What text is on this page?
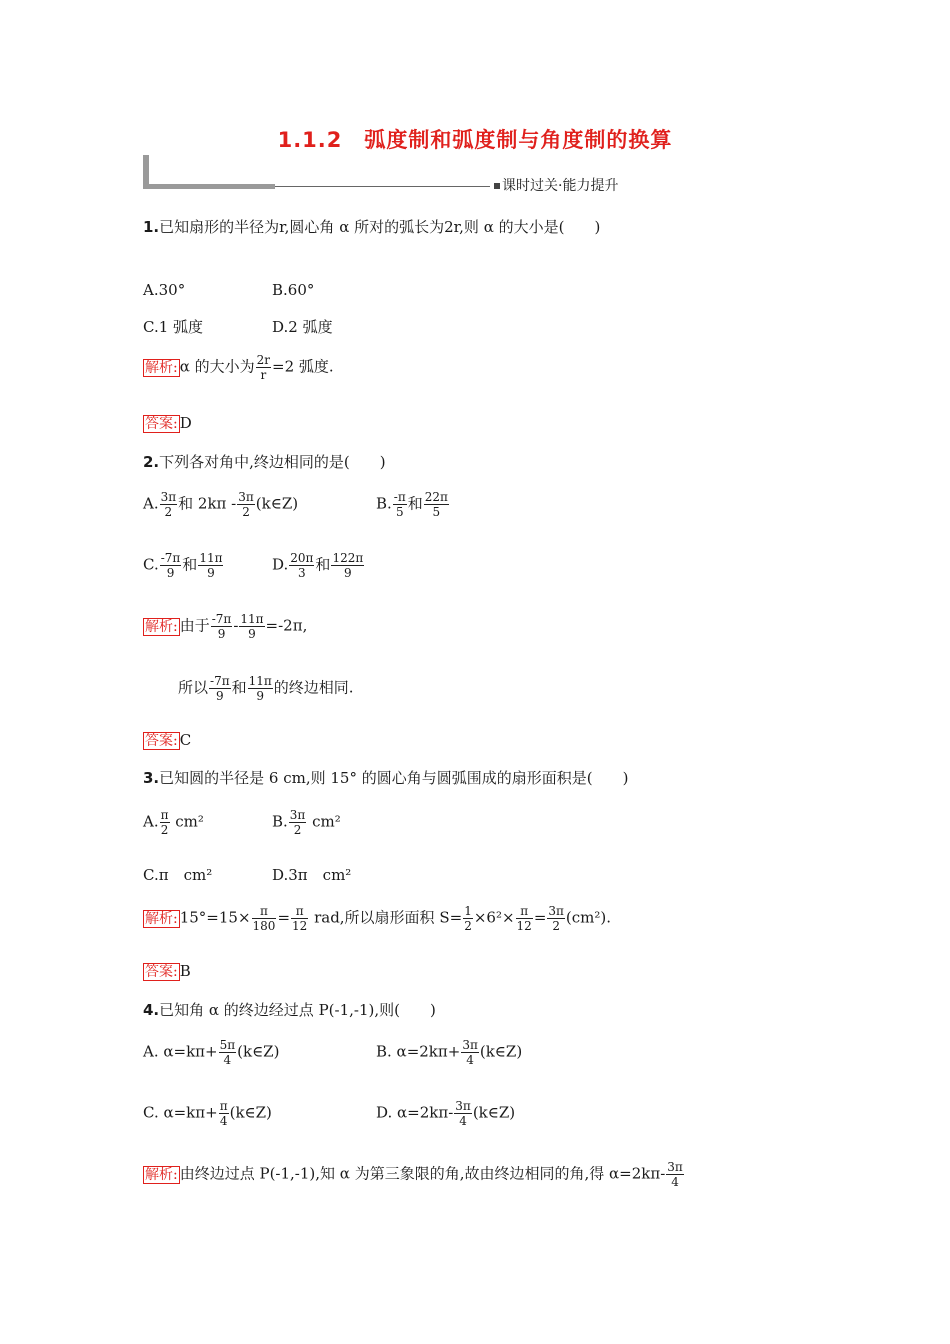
1.1.2　弧度制和弧度制与角度制的换算
课时过关·能力提升
1.已知扇形的半径为r,圆心角 α 所对的弧长为2r,则 α 的大小是(　　)
A.30°	B.60°
C.1 弧度	D.2 弧度
解析: α 的大小为 $\frac{2r}{r} =2$ 弧度.
答案: D
2.下列各对角中,终边相同的是(　　)
A. $\frac{3\pi}{2}$ 和 $2k\pi - \frac{3\pi}{2}$ (k∈Z)	B. $\frac{-\pi}{5}$ 和 $\frac{22\pi}{5}$
C. $\frac{-7\pi}{9}$ 和 $\frac{11\pi}{9}$	D. $\frac{20\pi}{3}$ 和 $\frac{122\pi}{9}$
解析: 由于 $\frac{-7\pi}{9} - \frac{11\pi}{9} =-2\pi$,
所以 $\frac{-7\pi}{9}$ 和 $\frac{11\pi}{9}$ 的终边相同.
答案: C
3.已知圆的半径是 6 cm,则 15° 的圆心角与圆弧围成的扇形面积是(　　)
A. $\frac{\pi}{2} cm^2$	B. $\frac{3\pi}{2} cm^2$
C.π　cm²	D.3π　cm²
解析: $15^\circ=15\times \frac{\pi}{180} = \frac{\pi}{12}$ rad,所以扇形面积 $S= \frac{1}{2} \times 6^2\times \frac{\pi}{12} = \frac{3\pi}{2} (cm^2)$.
答案: B
4.已知角 α 的终边经过点 P(-1,-1),则(　　)
A. $\alpha=k\pi+ \frac{5\pi}{4}$ (k∈Z)	B. $\alpha=2k\pi+ \frac{3\pi}{4}$ (k∈Z)
C. $\alpha=k\pi+ \frac{\pi}{4}$ (k∈Z)	D. $\alpha=2k\pi- \frac{3\pi}{4}$ (k∈Z)
解析: 由终边过点 P(-1,-1),知 α 为第三象限的角,故由终边相同的角,得 $\alpha=2k\pi- \frac{3\pi}{4}$
